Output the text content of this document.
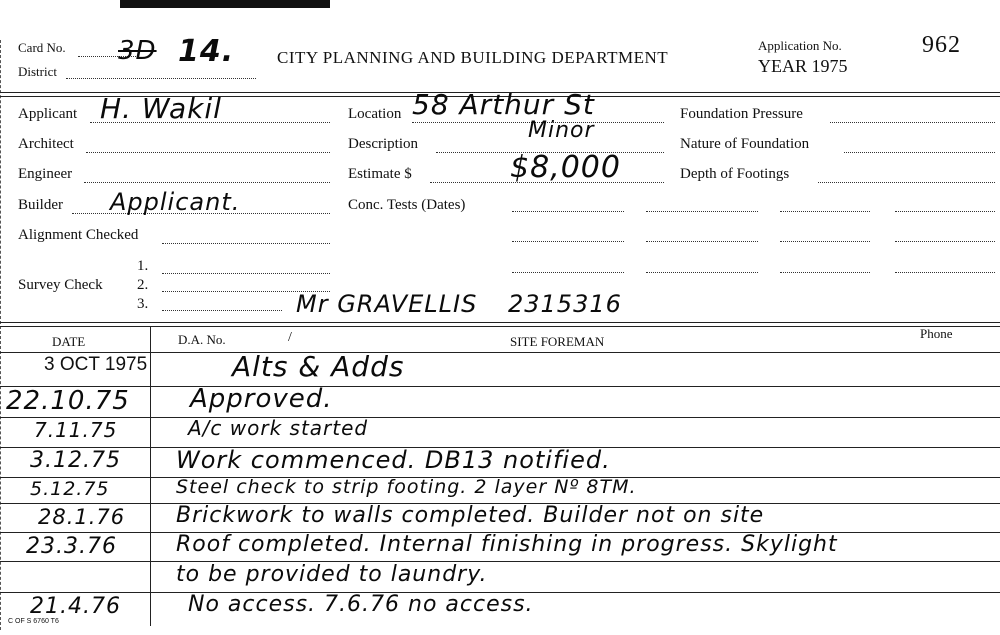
Card No. 3D 14.
District
CITY PLANNING AND BUILDING DEPARTMENT
Application No.
YEAR 1975
962
Applicant H. Wakil
Architect
Engineer
Builder Applicant.
Alignment Checked
Survey Check
1.
2.
3.
Location 58 Arthur St
Description
Minor
Estimate $	$8,000
Conc. Tests (Dates)
Foundation Pressure
Nature of Foundation
Depth of Footings
Mr GRAVELLIS 2315316
DATE	D.A. No.	/	SITE FOREMAN
Phone
3 OCT 1975	Alts & Adds
22.10.75 Approved.
7.11.75	A/c work started
3.12.75 Work commenced. DB13 notified.
5.12.75	Steel check to strip footing. 2 layer Nº 8TM.
28.1.76 Brickwork to walls completed. Builder not on site
23.3.76	Roof completed. Internal finishing in progress. Skylight
to be provided to laundry.
21.4.76	No access. 7.6.76 no access.
C OF S 6760 T6
